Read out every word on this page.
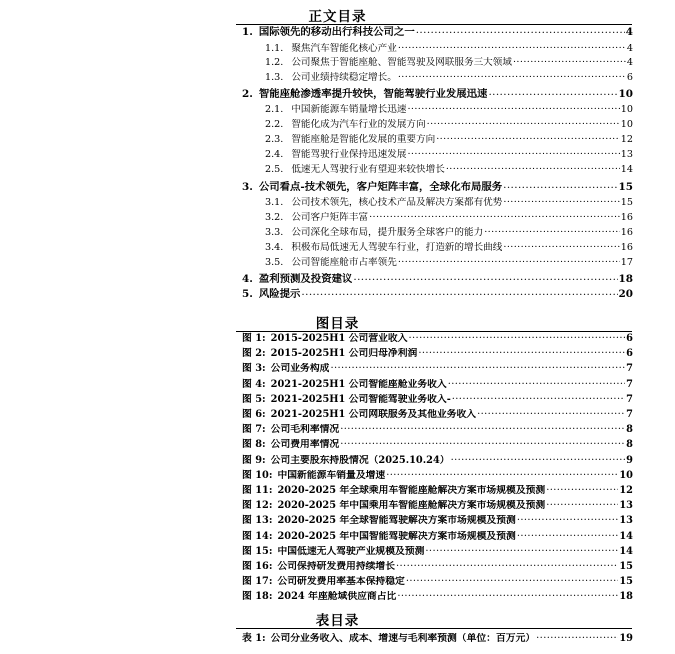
正文目录
1. 国际领先的移动出行科技公司之一 .....	4
1.1. 聚焦汽车智能化核心产业 .....	4
1.2. 公司聚焦于智能座舱、智能驾驶及网联服务三大领域 .....	4
1.3. 公司业绩持续稳定增长。 .....	6
2. 智能座舱渗透率提升较快，智能驾驶行业发展迅速 .....	10
2.1. 中国新能源车销量增长迅速 .....	10
2.2. 智能化成为汽车行业的发展方向 .....	10
2.3. 智能座舱是智能化发展的重要方向 .....	12
2.4. 智能驾驶行业保持迅速发展 .....	13
2.5. 低速无人驾驶行业有望迎来较快增长 .....	14
3. 公司看点-技术领先，客户矩阵丰富，全球化布局服务 .....	15
3.1. 公司技术领先，核心技术产品及解决方案都有优势 .....	15
3.2. 公司客户矩阵丰富 .....	16
3.3. 公司深化全球布局，提升服务全球客户的能力 .....	16
3.4. 积极布局低速无人驾驶车行业，打造新的增长曲线 .....	16
3.5. 公司智能座舱市占率领先 .....	17
4. 盈利预测及投资建议 .....	18
5. 风险提示 .....	20
图目录
图 1: 2015-2025H1 公司营业收入 .....	6
图 2: 2015-2025H1 公司归母净利润 .....	6
图 3: 公司业务构成 .....	7
图 4: 2021-2025H1 公司智能座舱业务收入 .....	7
图 5: 2021-2025H1 公司智能驾驶业务收入- .....	7
图 6: 2021-2025H1 公司网联服务及其他业务收入 .....	7
图 7: 公司毛利率情况 .....	8
图 8: 公司费用率情况 .....	8
图 9: 公司主要股东持股情况（2025.10.24） .....	9
图 10: 中国新能源车销量及增速 .....	10
图 11: 2020-2025 年全球乘用车智能座舱解决方案市场规模及预测 .....	12
图 12: 2020-2025 年中国乘用车智能座舱解决方案市场规模及预测 .....	13
图 13: 2020-2025 年全球智能驾驶解决方案市场规模及预测 .....	13
图 14: 2020-2025 年中国智能驾驶解决方案市场规模及预测 .....	14
图 15: 中国低速无人驾驶产业规模及预测 .....	14
图 16: 公司保持研发费用持续增长 .....	15
图 17: 公司研发费用率基本保持稳定 .....	15
图 18: 2024 年座舱域供应商占比 .....	18
表目录
表 1: 公司分业务收入、成本、增速与毛利率预测（单位：百万元） .....	19
